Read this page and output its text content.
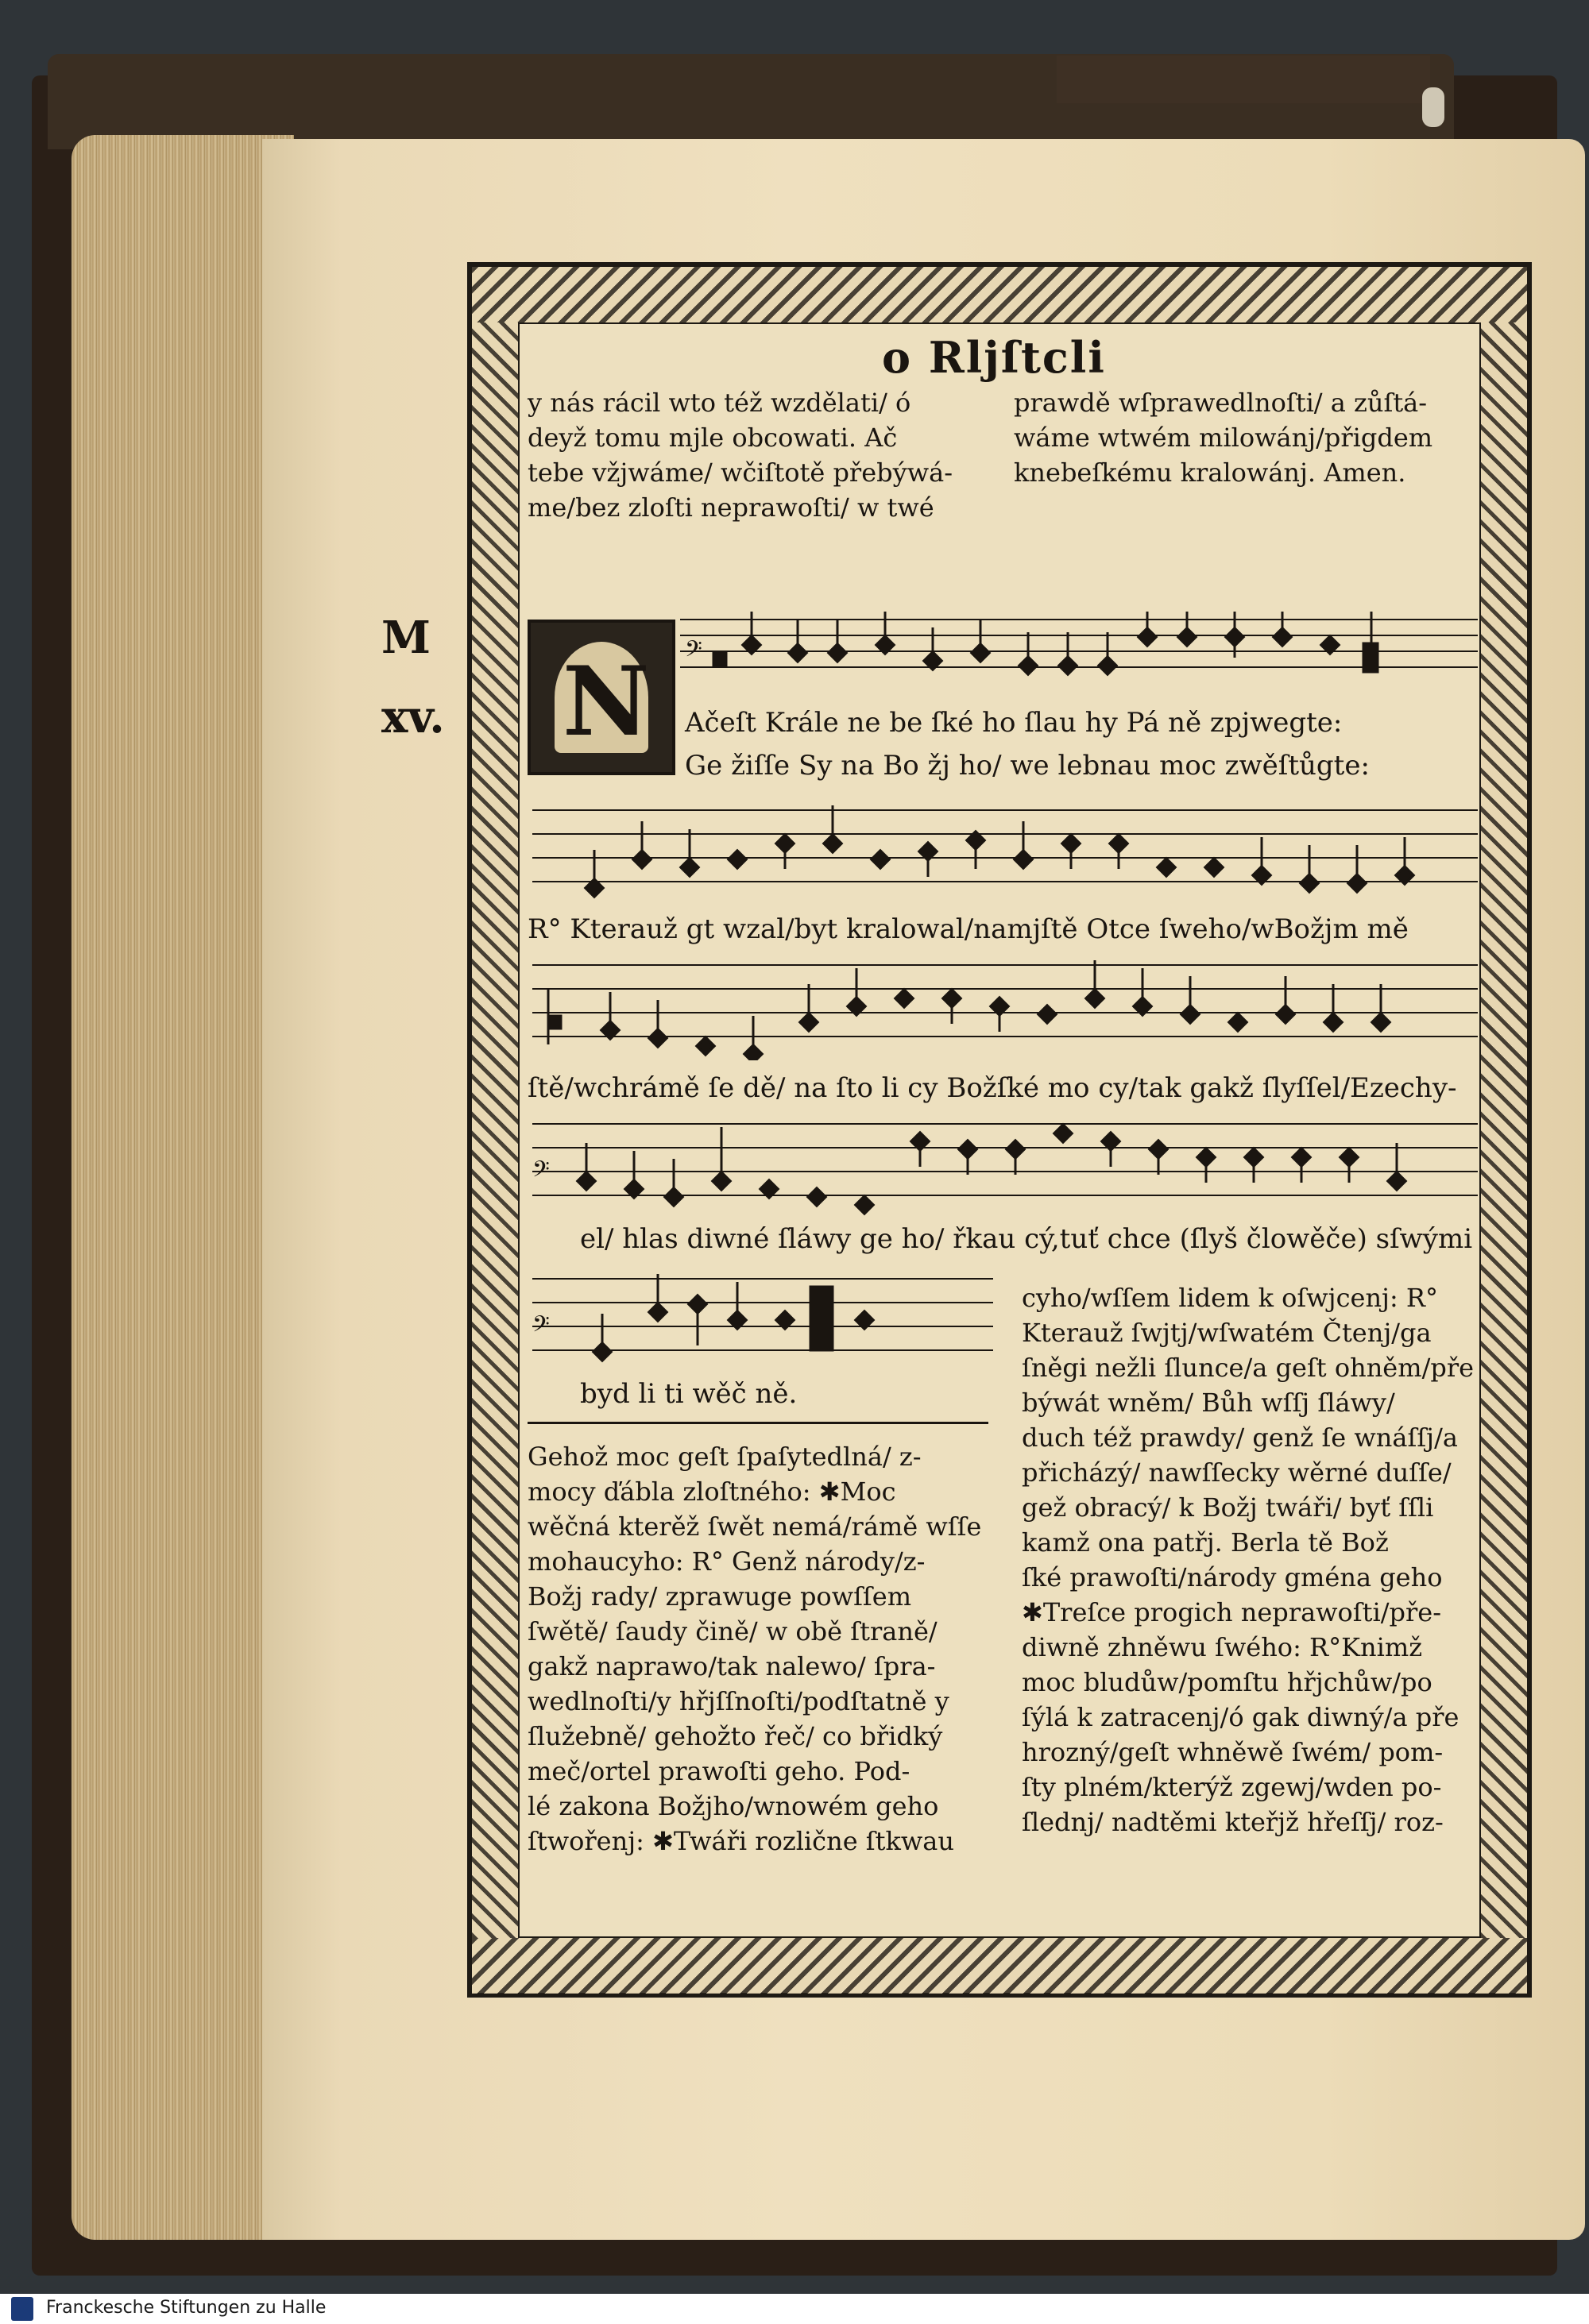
o Rljſtcli
M
xv.
y nás rácil wto též wzdělati/ ó
deyž tomu mjle obcowati. Ač
tebe vžjwáme/ wčiſtotě přebýwá-
me/bez zloſti neprawoſti/ w twé
prawdě wſprawedlnoſti/ a zůſtá-
wáme wtwém milowánj/přigdem
knebeſkému kralowánj. Amen.
N 𝄢
Ačeſt Krále ne be ſké ho ſlau hy Pá ně zpjwegte:
Ge žiſſe Sy na Bo žj ho/ we lebnau moc zwěſtůgte:
R° Kterauž gt wzal/byt kralowal/namjſtě Otce ſweho/wBožjm mě
ſtě/wchrámě ſe dě/ na ſto li cy Božſké mo cy/tak gakž ſlyſſel/Ezechy-
𝄢
el/ hlas diwné ſláwy ge ho/ řkau cý,tuť chce (ſlyš člowěče) sſwými
𝄢
byd li ti wěč ně.
Gehož moc geſt ſpaſytedlná/ z-
mocy ďábla zloſtného: ✱Moc
wěčná kterěž ſwět nemá/rámě wſſe
mohaucyho: R° Genž národy/z-
Božj rady/ zprawuge powſſem
ſwětě/ ſaudy čině/ w obě ſtraně/
gakž naprawo/tak nalewo/ ſpra-
wedlnoſti/y hřjſſnoſti/podſtatně y
ſlužebně/ gehožto řeč/ co břidký
meč/ortel prawoſti geho. Pod-
lé zakona Božjho/wnowém geho
ſtwořenj: ✱Twáři rozlične ſtkwau
cyho/wſſem lidem k oſwjcenj: R°
Kterauž ſwjtj/wſwatém Čtenj/ga
ſněgi nežli ſlunce/a geſt ohněm/pře
býwát wněm/ Bůh wſſj ſláwy/
duch též prawdy/ genž ſe wnáſſj/a
přicházý/ nawſſecky wěrné duſſe/
gež obracý/ k Božj twáři/ byť ſſli
kamž ona patřj. Berla tě Bož
ſké prawoſti/národy gména geho
✱Treſce progich neprawoſti/pře-
diwně zhněwu ſwého: R°Knimž
moc bludůw/pomſtu hřjchůw/po
ſýlá k zatracenj/ó gak diwný/a pře
hrozný/geſt whněwě ſwém/ pom-
ſty plném/kterýž zgewj/wden po-
ſlednj/ nadtěmi kteřjž hřeſſj/ roz-
Franckesche Stiftungen zu Halle
